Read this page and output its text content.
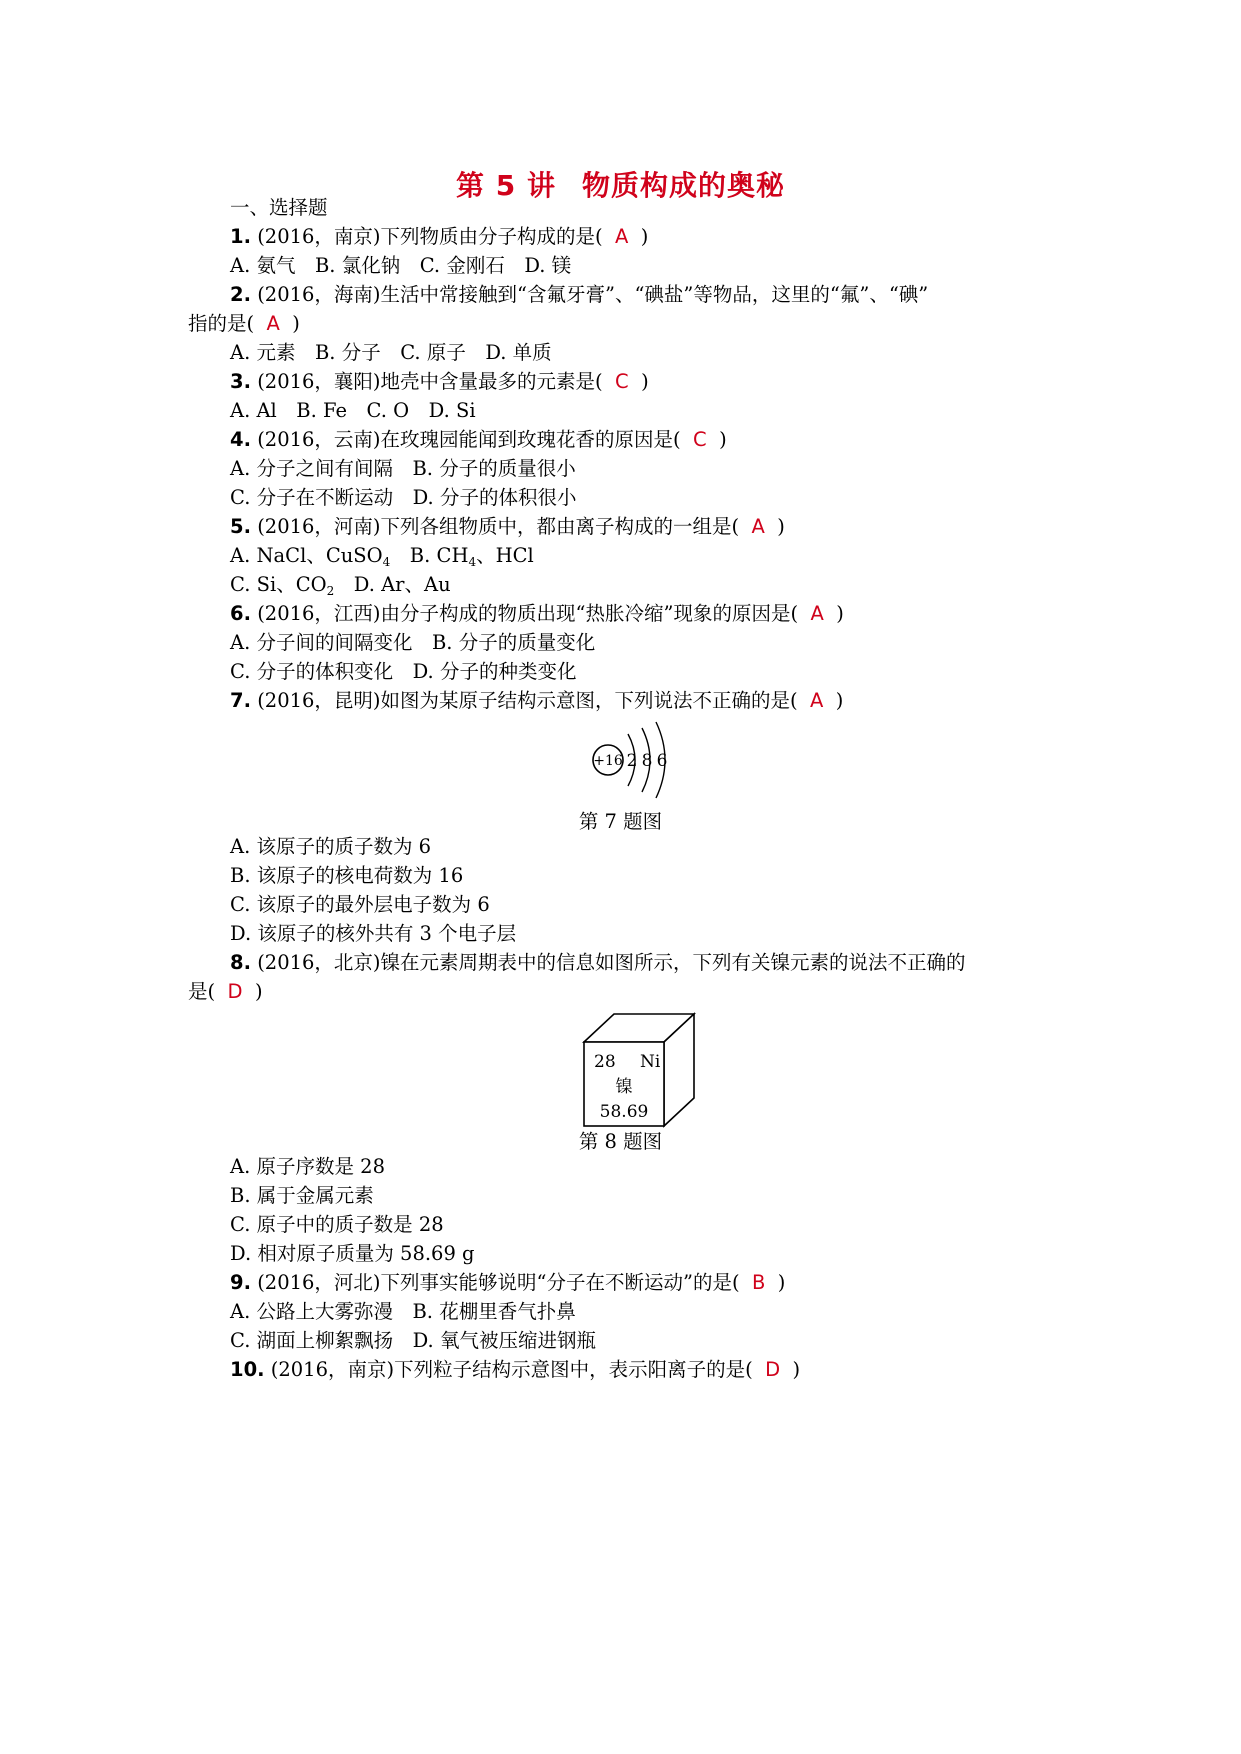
第 5 讲 物质构成的奥秘
一、选择题
1. (2016，南京)下列物质由分子构成的是( A )
A. 氨气　B. 氯化钠　C. 金刚石　D. 镁
2. (2016，海南)生活中常接触到“含氟牙膏”、“碘盐”等物品，这里的“氟”、“碘”
指的是( A )
A. 元素　B. 分子　C. 原子　D. 单质
3. (2016，襄阳)地壳中含量最多的元素是( C )
A. Al　B. Fe　C. O　D. Si
4. (2016，云南)在玫瑰园能闻到玫瑰花香的原因是( C )
A. 分子之间有间隔　B. 分子的质量很小
C. 分子在不断运动　D. 分子的体积很小
5. (2016，河南)下列各组物质中，都由离子构成的一组是( A )
A. NaCl、CuSO$_4$　B. $CH_4$、HCl
C. Si、$CO_2$　D. Ar、Au
6. (2016，江西)由分子构成的物质出现“热胀冷缩”现象的原因是( A )
A. 分子间的间隔变化　B. 分子的质量变化
C. 分子的体积变化　D. 分子的种类变化
7. (2016，昆明)如图为某原子结构示意图，下列说法不正确的是( A )
+16 2 8 6
第 7 题图
A. 该原子的质子数为 6
B. 该原子的核电荷数为 16
C. 该原子的最外层电子数为 6
D. 该原子的核外共有 3 个电子层
8. (2016，北京)镍在元素周期表中的信息如图所示，下列有关镍元素的说法不正确的
是( D )
28 Ni
镍
58.69
第 8 题图
A. 原子序数是 28
B. 属于金属元素
C. 原子中的质子数是 28
D. 相对原子质量为 58.69 g
9. (2016，河北)下列事实能够说明“分子在不断运动”的是( B )
A. 公路上大雾弥漫　B. 花棚里香气扑鼻
C. 湖面上柳絮飘扬　D. 氧气被压缩进钢瓶
10. (2016，南京)下列粒子结构示意图中，表示阳离子的是( D )
